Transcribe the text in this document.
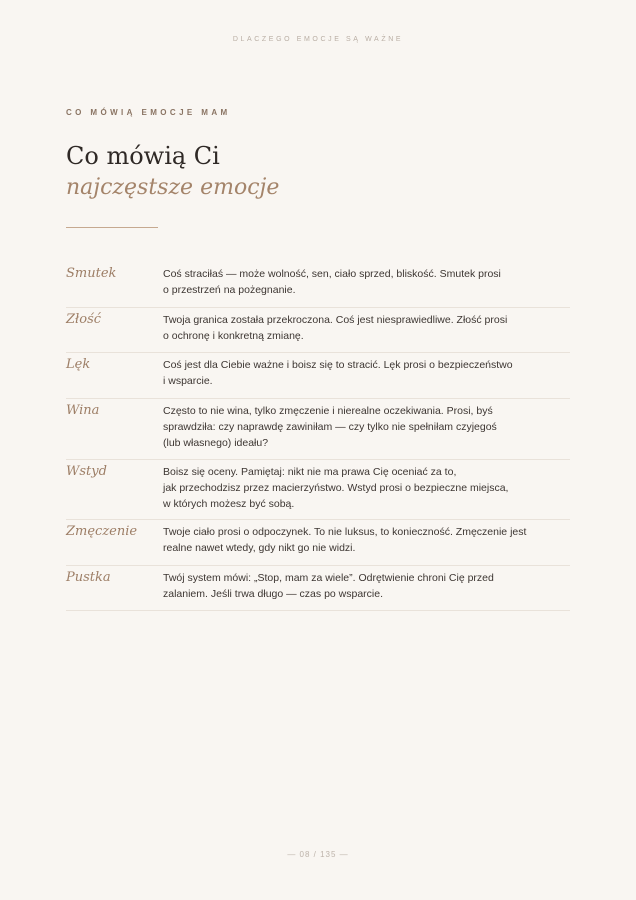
DLACZEGO EMOCJE SĄ WAŻNE
CO MÓWIĄ EMOCJE MAM
Co mówią Ci
najczęstsze emocje
Smutek	Coś straciłaś — może wolność, sen, ciało sprzed, bliskość. Smutek prosi
o przestrzeń na pożegnanie.
Złość	Twoja granica została przekroczona. Coś jest niesprawiedliwe. Złość prosi
o ochronę i konkretną zmianę.
Lęk	Coś jest dla Ciebie ważne i boisz się to stracić. Lęk prosi o bezpieczeństwo
i wsparcie.
Wina	Często to nie wina, tylko zmęczenie i nierealne oczekiwania. Prosi, byś
sprawdziła: czy naprawdę zawiniłam — czy tylko nie spełniłam czyjegoś
(lub własnego) ideału?
Wstyd	Boisz się oceny. Pamiętaj: nikt nie ma prawa Cię oceniać za to,
jak przechodzisz przez macierzyństwo. Wstyd prosi o bezpieczne miejsca,
w których możesz być sobą.
Zmęczenie	Twoje ciało prosi o odpoczynek. To nie luksus, to konieczność. Zmęczenie jest
realne nawet wtedy, gdy nikt go nie widzi.
Pustka	Twój system mówi: „Stop, mam za wiele”. Odrętwienie chroni Cię przed
zalaniem. Jeśli trwa długo — czas po wsparcie.
— 08 / 135 —
